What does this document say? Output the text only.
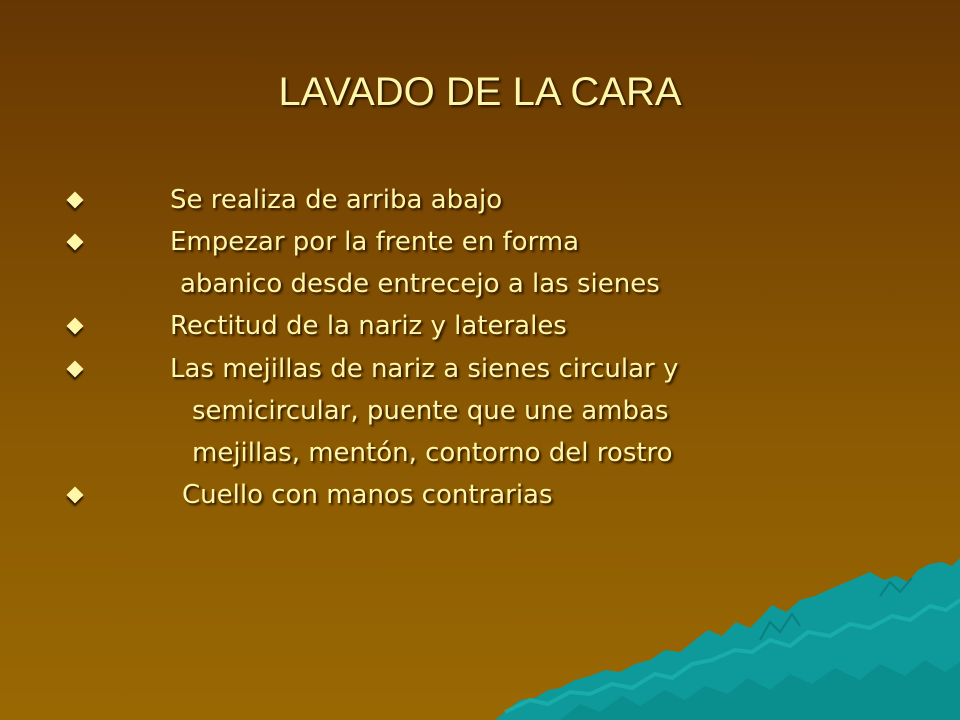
LAVADO DE LA CARA

Se realiza de arriba abajo

Empezar por la frente en forma

abanico desde entrecejo a las sienes

Rectitud de la nariz y laterales

Las mejillas de nariz a sienes circular y

semicircular, puente que une ambas

mejillas, mentón, contorno del rostro

Cuello con manos contrarias
